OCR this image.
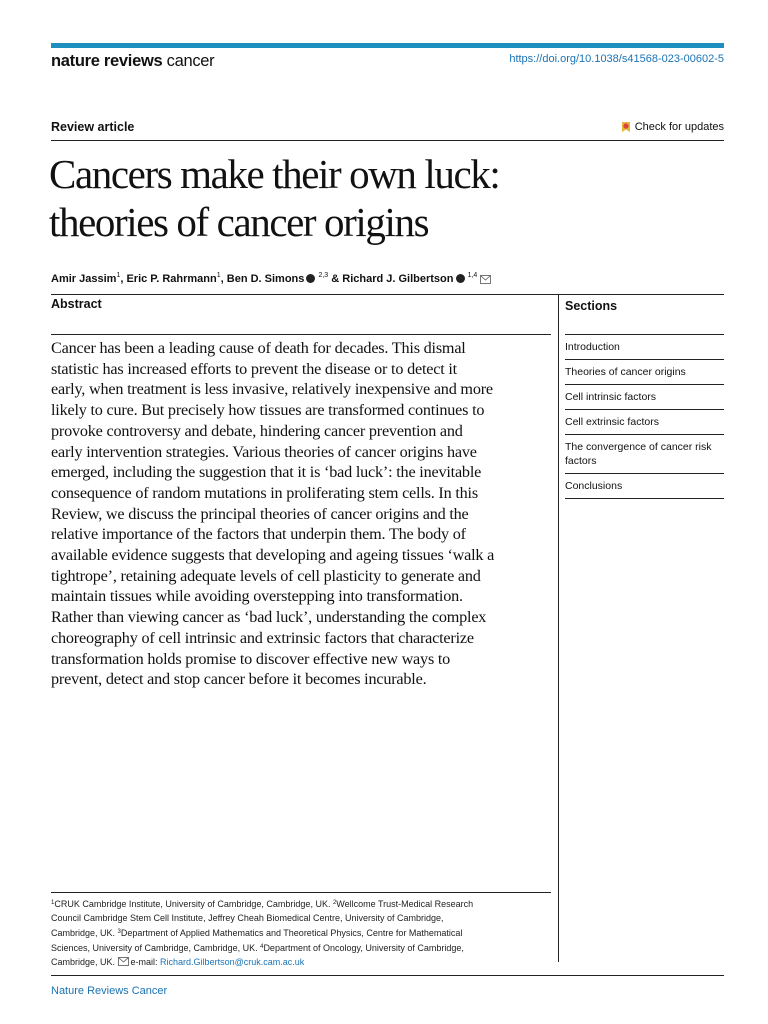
nature reviews cancer	https://doi.org/10.1038/s41568-023-00602-5
Review article	Check for updates
Cancers make their own luck:
theories of cancer origins
Amir Jassim$^1$, Eric P. Rahrmann$^1$, Ben D. Simons $^{2,3}$ & Richard J. Gilbertson $^{1,4}$
Abstract
Cancer has been a leading cause of death for decades. This dismal
statistic has increased efforts to prevent the disease or to detect it
early, when treatment is less invasive, relatively inexpensive and more
likely to cure. But precisely how tissues are transformed continues to
provoke controversy and debate, hindering cancer prevention and
early intervention strategies. Various theories of cancer origins have
emerged, including the suggestion that it is ‘bad luck’: the inevitable
consequence of random mutations in proliferating stem cells. In this
Review, we discuss the principal theories of cancer origins and the
relative importance of the factors that underpin them. The body of
available evidence suggests that developing and ageing tissues ‘walk a
tightrope’, retaining adequate levels of cell plasticity to generate and
maintain tissues while avoiding overstepping into transformation.
Rather than viewing cancer as ‘bad luck’, understanding the complex
choreography of cell intrinsic and extrinsic factors that characterize
transformation holds promise to discover effective new ways to
prevent, detect and stop cancer before it becomes incurable.
Sections
Introduction
Theories of cancer origins
Cell intrinsic factors
Cell extrinsic factors
The convergence of cancer risk factors
Conclusions
$^1$CRUK Cambridge Institute, University of Cambridge, Cambridge, UK. $^2$Wellcome Trust-Medical Research
Council Cambridge Stem Cell Institute, Jeffrey Cheah Biomedical Centre, University of Cambridge,
Cambridge, UK. $^3$Department of Applied Mathematics and Theoretical Physics, Centre for Mathematical
Sciences, University of Cambridge, Cambridge, UK. $^4$Department of Oncology, University of Cambridge,
Cambridge, UK. e-mail: Richard.Gilbertson@cruk.cam.ac.uk
Nature Reviews Cancer
